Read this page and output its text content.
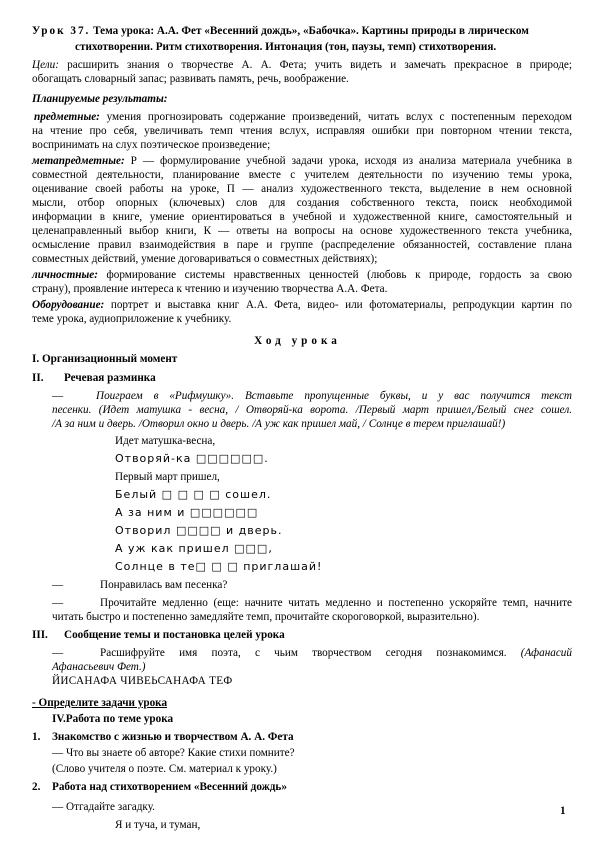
Урок 37. Тема урока: А.А. Фет «Весенний дождь», «Бабочка». Картины природы в лирическом
стихотворении. Ритм стихотворения. Интонация (тон, паузы, темп) стихотворения.
Цели: расширить знания о творчестве А. А. Фета; учить видеть и замечать прекрасное в природе;
обогащать словарный запас; развивать память, речь, воображение.
Планируемые результаты:
предметные: умения прогнозировать содержание произведений, читать вслух с постепенным переходом
на чтение про себя, увеличивать темп чтения вслух, исправляя ошибки при повторном чтении текста,
воспринимать на слух поэтическое произведение;
метапредметные: Р — формулирование учебной задачи урока, исходя из анализа материала учебника в
совместной деятельности, планирование вместе с учителем деятельности по изучению темы урока,
оценивание своей работы на уроке, П — анализ художественного текста, выделение в нем основной
мысли, отбор опорных (ключевых) слов для создания собственного текста, поиск необходимой
информации в книге, умение ориентироваться в учебной и художественной книге, самостоятельный и
целенаправленный выбор книги, К — ответы на вопросы на основе художественного текста учебника,
осмысление правил взаимодействия в паре и группе (распределение обязанностей, составление плана
совместных действий, умение договариваться о совместных действиях);
личностные: формирование системы нравственных ценностей (любовь к природе, гордость за свою
страну), проявление интереса к чтению и изучению творчества А.А. Фета.
Оборудование: портрет и выставка книг А.А. Фета, видео- или фотоматериалы, репродукции картин по
теме урока, аудиоприложение к учебнику.
Ход урока
I. Организационный момент
II. Речевая разминка
—	Поиграем в «Рифмушку». Вставьте пропущенные буквы, и у вас получится текст
песенки. (Идет матушка - весна, / Отворяй-ка ворота. /Первый март пришел,/Белый снег сошел.
/А за ним и дверь. /Отворил окно и дверь. /А уж как пришел май, / Солнце в терем приглашай!)
Идет матушка-весна,
Отворяй-ка □□□□□□.
Первый март пришел,
Белый □ □ □ □ сошел.
А за ним и □□□□□□
Отворил □□□□ и дверь.
А уж как пришел □□□,
Солнце в те□ □ □ приглашай!
—	Понравилась вам песенка?
—	Прочитайте медленно (еще: начните читать медленно и постепенно ускоряйте темп, начните
читать быстро и постепенно замедляйте темп, прочитайте скороговоркой, выразительно).
III. Сообщение темы и постановка целей урока
—	Расшифруйте имя поэта, с чьим творчеством сегодня познакомимся. (Афанасий
Афанасьевич Фет.)
ЙИСАНАФА ЧИВЕЬСАНАФА ТЕФ
- Определите задачи урока
IV.Работа по теме урока
1. Знакомство с жизнью и творчеством А. А. Фета
— Что вы знаете об авторе? Какие стихи помните?
(Слово учителя о поэте. См. материал к уроку.)
2. Работа над стихотворением «Весенний дождь»
— Отгадайте загадку.
Я и туча, и туман,
1
